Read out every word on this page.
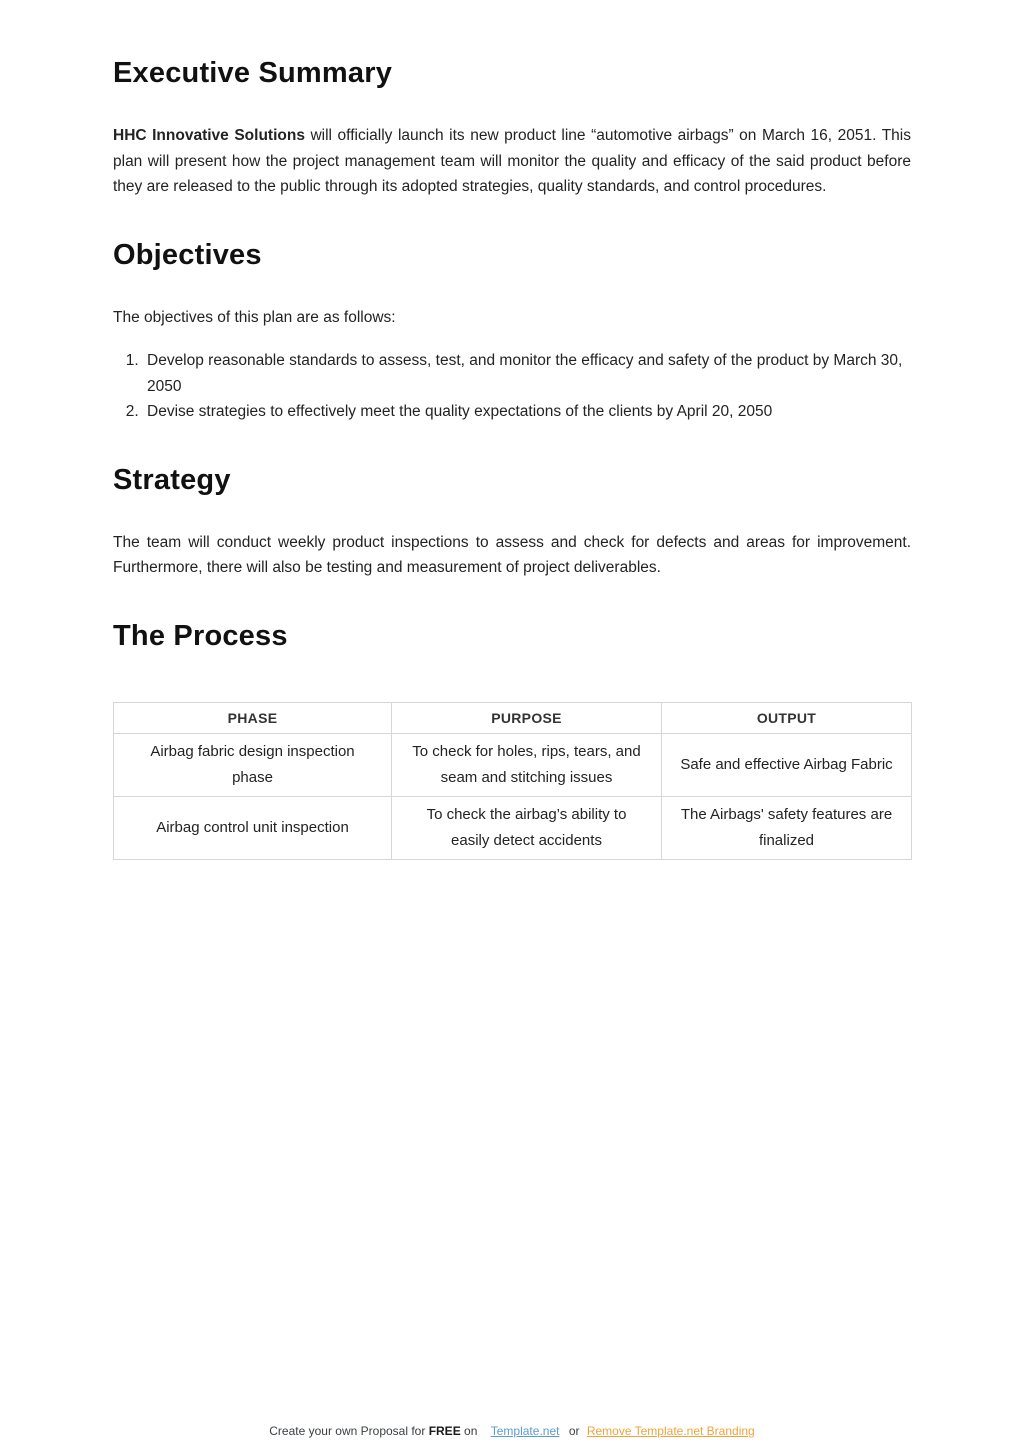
Executive Summary

HHC Innovative Solutions will officially launch its new product line “automotive airbags” on March 16, 2051. This plan will present how the project management team will monitor the quality and efficacy of the said product before they are released to the public through its adopted strategies, quality standards, and control procedures.

Objectives

The objectives of this plan are as follows:

1. Develop reasonable standards to assess, test, and monitor the efficacy and safety of the product by March 30, 2050
2. Devise strategies to effectively meet the quality expectations of the clients by April 20, 2050
Strategy

The team will conduct weekly product inspections to assess and check for defects and areas for improvement. Furthermore, there will also be testing and measurement of project deliverables.

The Process
PHASE	PURPOSE	OUTPUT
Airbag fabric design inspection phase	To check for holes, rips, tears, and seam and stitching issues	Safe and effective Airbag Fabric
Airbag control unit inspection	To check the airbag’s ability to easily detect accidents	The Airbags' safety features are finalized
Create your own Proposal for FREE on Template.net or Remove Template.net Branding
